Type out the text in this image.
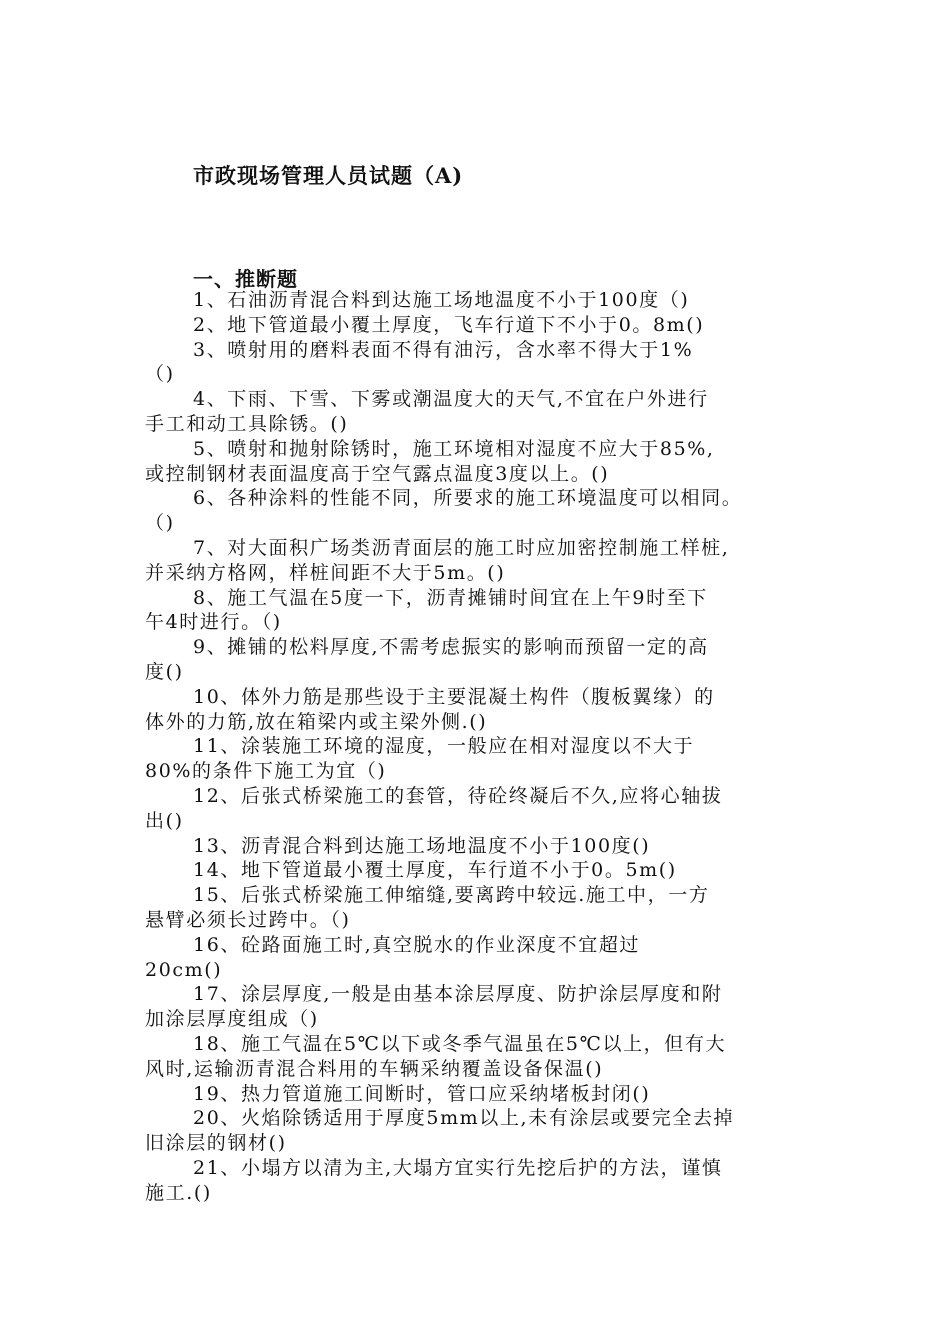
市政现场管理人员试题（A)
一、推断题
1、石油沥青混合料到达施工场地温度不小于100度（)
2、地下管道最小覆土厚度，飞车行道下不小于0。8m()
3、喷射用的磨料表面不得有油污，含水率不得大于1%
（)
4、下雨、下雪、下雾或潮温度大的天气,不宜在户外进行
手工和动工具除锈。()
5、喷射和抛射除锈时，施工环境相对湿度不应大于85%,
或控制钢材表面温度高于空气露点温度3度以上。()
6、各种涂料的性能不同，所要求的施工环境温度可以相同。
（)
7、对大面积广场类沥青面层的施工时应加密控制施工样桩,
并采纳方格网，样桩间距不大于5m。()
8、施工气温在5度一下，沥青摊铺时间宜在上午9时至下
午4时进行。（)
9、摊铺的松料厚度,不需考虑振实的影响而预留一定的高
度()
10、体外力筋是那些设于主要混凝土构件（腹板翼缘）的
体外的力筋,放在箱梁内或主梁外侧.()
11、涂装施工环境的湿度，一般应在相对湿度以不大于
80%的条件下施工为宜（)
12、后张式桥梁施工的套管，待砼终凝后不久,应将心轴拔
出()
13、沥青混合料到达施工场地温度不小于100度()
14、地下管道最小覆土厚度，车行道不小于0。5m()
15、后张式桥梁施工伸缩缝,要离跨中较远.施工中，一方
悬臂必须长过跨中。（)
16、砼路面施工时,真空脱水的作业深度不宜超过
20cm()
17、涂层厚度,一般是由基本涂层厚度、防护涂层厚度和附
加涂层厚度组成（)
18、施工气温在5℃以下或冬季气温虽在5℃以上，但有大
风时,运输沥青混合料用的车辆采纳覆盖设备保温()
19、热力管道施工间断时，管口应采纳堵板封闭()
20、火焰除锈适用于厚度5mm以上,未有涂层或要完全去掉
旧涂层的钢材()
21、小塌方以清为主,大塌方宜实行先挖后护的方法，谨慎
施工.()
